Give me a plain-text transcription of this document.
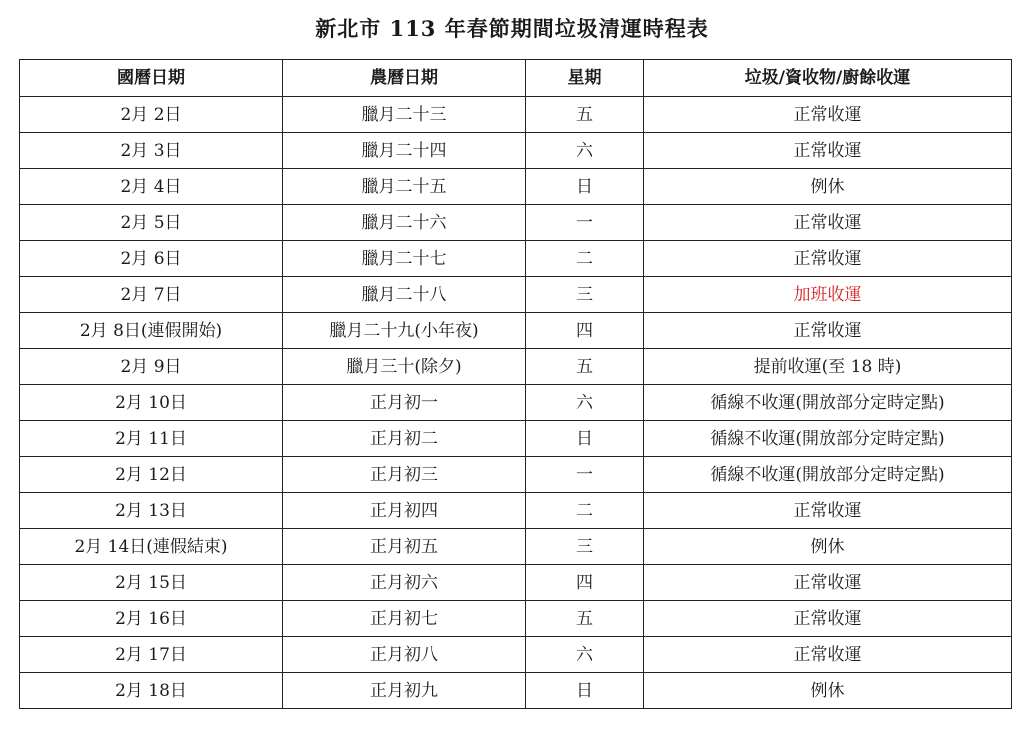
新北市 113 年春節期間垃圾清運時程表
國曆日期	農曆日期	星期	垃圾/資收物/廚餘收運
2月 2日	臘月二十三	五	正常收運
2月 3日	臘月二十四	六	正常收運
2月 4日	臘月二十五	日	例休
2月 5日	臘月二十六	一	正常收運
2月 6日	臘月二十七	二	正常收運
2月 7日	臘月二十八	三	加班收運
2月 8日(連假開始)	臘月二十九(小年夜)	四	正常收運
2月 9日	臘月三十(除夕)	五	提前收運(至 18 時)
2月 10日	正月初一	六	循線不收運(開放部分定時定點)
2月 11日	正月初二	日	循線不收運(開放部分定時定點)
2月 12日	正月初三	一	循線不收運(開放部分定時定點)
2月 13日	正月初四	二	正常收運
2月 14日(連假結束)	正月初五	三	例休
2月 15日	正月初六	四	正常收運
2月 16日	正月初七	五	正常收運
2月 17日	正月初八	六	正常收運
2月 18日	正月初九	日	例休
